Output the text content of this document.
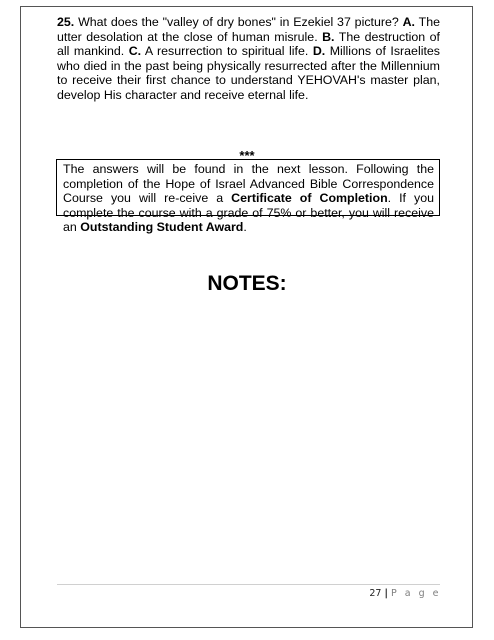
25. What does the "valley of dry bones" in Ezekiel 37 picture? A. The utter desolation at the close of human misrule. B. The destruction of all mankind. C. A resurrection to spiritual life. D. Millions of Israelites who died in the past being physically resurrected after the Millennium to receive their first chance to understand YEHOVAH's master plan, develop His character and receive eternal life.
***
The answers will be found in the next lesson. Following the completion of the Hope of Israel Advanced Bible Correspondence Course you will re-ceive a Certificate of Completion. If you complete the course with a grade of 75% or better, you will receive an Outstanding Student Award.
NOTES:
27 | P a g e
